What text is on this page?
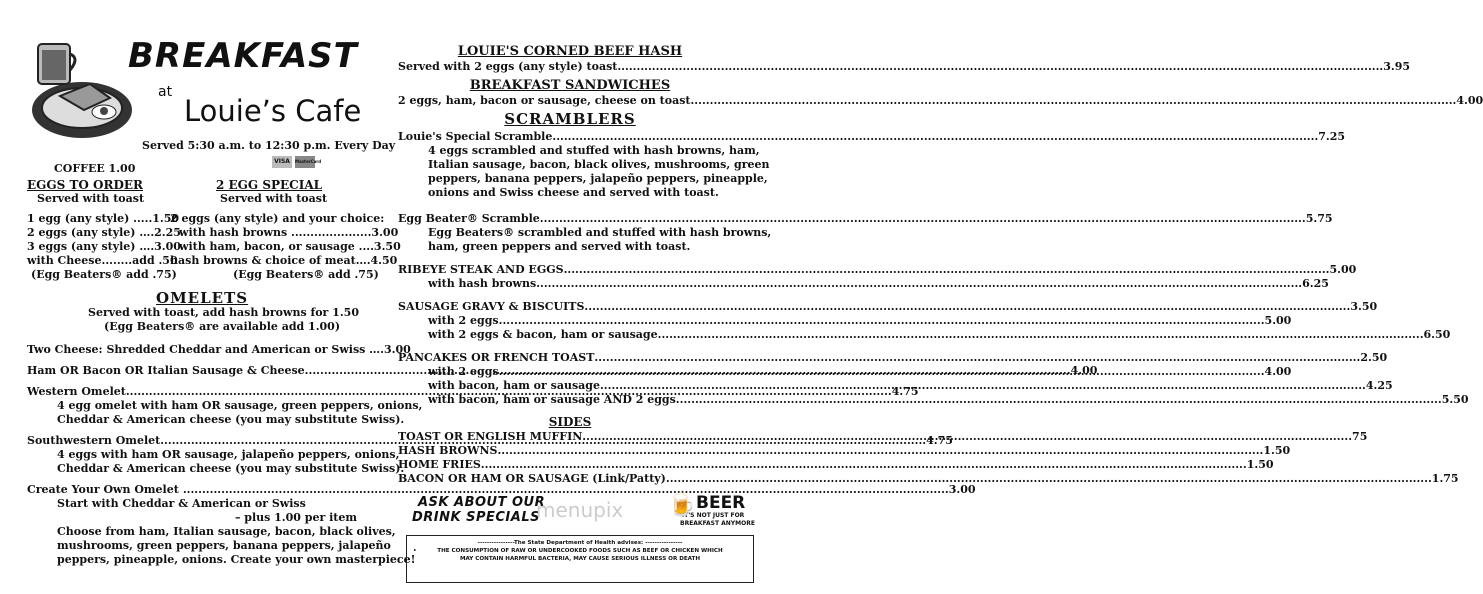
BREAKFAST
at
Louie’s Cafe
Served 5:30 a.m. to 12:30 p.m. Every Day
VISA	MasterCard
COFFEE 1.00
EGGS TO ORDER
Served with toast
1 egg (any style) .....1.50
2 eggs (any style) ….2.25
3 eggs (any style) ….3.00
with Cheese........add .50
(Egg Beaters® add .75)
2 EGG SPECIAL
Served with toast
2 eggs (any style) and your choice:
with hash browns .....................3.00
with ham, bacon, or sausage ....3.50
hash browns & choice of meat….4.50
(Egg Beaters® add .75)
OMELETS
Served with toast, add hash browns for 1.50
(Egg Beaters® are available add 1.00)
Two Cheese: Shredded Cheddar and American or Swiss ….3.00
Ham OR Bacon OR Italian Sausage & Cheese .....	4.00
Western Omelet .....	4.75
4 egg omelet with ham OR sausage, green peppers, onions,
Cheddar & American cheese (you may substitute Swiss).
Southwestern Omelet .....	4.75
4 eggs with ham OR sausage, jalapeño peppers, onions,
Cheddar & American cheese (you may substitute Swiss).
Create Your Own Omelet .....	3.00
Start with Cheddar & American or Swiss
– plus 1.00 per item
Choose from ham, Italian sausage, bacon, black olives,
mushrooms, green peppers, banana peppers, jalapeño
peppers, pineapple, onions. Create your own masterpiece!
LOUIE'S CORNED BEEF HASH
Served with 2 eggs (any style) toast .....	3.95
BREAKFAST SANDWICHES
2 eggs, ham, bacon or sausage, cheese on toast .....	4.00
SCRAMBLERS
Louie's Special Scramble .....	7.25
4 eggs scrambled and stuffed with hash browns, ham,
Italian sausage, bacon, black olives, mushrooms, green
peppers, banana peppers, jalapeño peppers, pineapple,
onions and Swiss cheese and served with toast.
Egg Beater® Scramble .....	5.75
Egg Beaters® scrambled and stuffed with hash browns,
ham, green peppers and served with toast.
RIBEYE STEAK AND EGGS .....	5.00
with hash browns .....	6.25
SAUSAGE GRAVY & BISCUITS .....	3.50
with 2 eggs .....	5.00
with 2 eggs & bacon, ham or sausage .....	6.50
PANCAKES OR FRENCH TOAST .....	2.50
with 2 eggs .....	4.00
with bacon, ham or sausage .....	4.25
with bacon, ham or sausage AND 2 eggs .....	5.50
SIDES
TOAST OR ENGLISH MUFFIN .....	.75
HASH BROWNS .....	1.50
HOME FRIES .....	1.50
BACON OR HAM OR SAUSAGE (Link/Patty) .....	1.75
ASK ABOUT OUR
DRINK SPECIALS
menupix 🍺 BEER
IT'S NOT JUST FOR
BREAKFAST ANYMORE
----------------The State Department of Health advises: ----------------
•	THE CONSUMPTION OF RAW OR UNDERCOOKED FOODS SUCH AS BEEF OR CHICKEN WHICH
MAY CONTAIN HARMFUL BACTERIA, MAY CAUSE SERIOUS ILLNESS OR DEATH
